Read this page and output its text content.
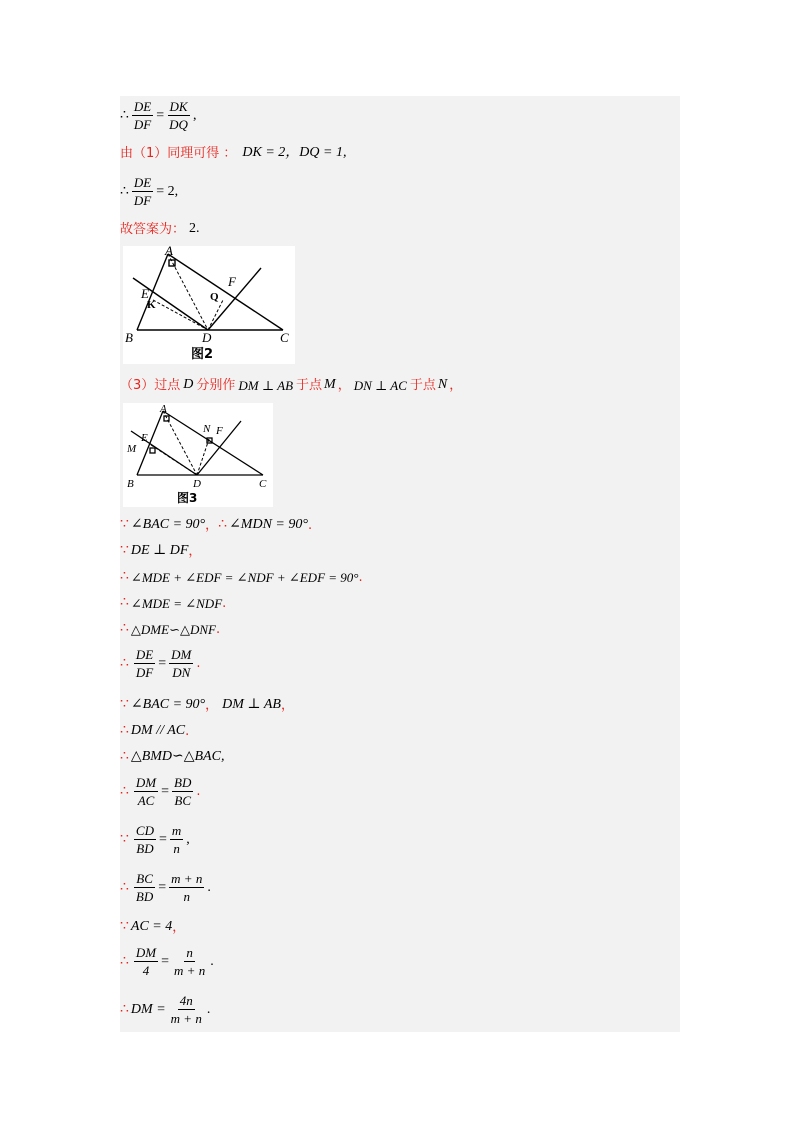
∴ $\frac{DE}{DF} = \frac{DK}{DQ}$ ,
由（1）同理可得 ： DK = 2，DQ = 1,
∴ $\frac{DE}{DF} = 2$,
故答案为： 2.
A
E
F
B	D	C
K
Q
图2
（3）过点 D 分别作 DM ⊥ AB 于点 M ， DN ⊥ AC 于点 N ，
A
E
N F
M
B	D	C
图3
∵ ∠BAC = 90° ， ∴ ∠MDN = 90° .
∵ DE ⊥ DF ，
∴ ∠MDE + ∠EDF = ∠NDF + ∠EDF = 90° .
∴ ∠MDE = ∠NDF .
∴ △DME∽△DNF .
∴ $\frac{DE}{DF} = \frac{DM}{DN}$ .
∵ ∠BAC = 90° ， DM ⊥ AB ，
∴ DM // AC .
∴ △BMD∽△BAC,
∴ $\frac{DM}{AC} = \frac{BD}{BC}$ .
∵ $\frac{CD}{BD} = \frac{m}{n}$ ,
∴ $\frac{BC}{BD} = \frac{m + n}{n}$ .
∵ AC = 4 ，
∴ $\frac{DM}{4} = \frac{n}{m + n}$ .
∴ DM = $\frac{4n}{m + n}$ .
